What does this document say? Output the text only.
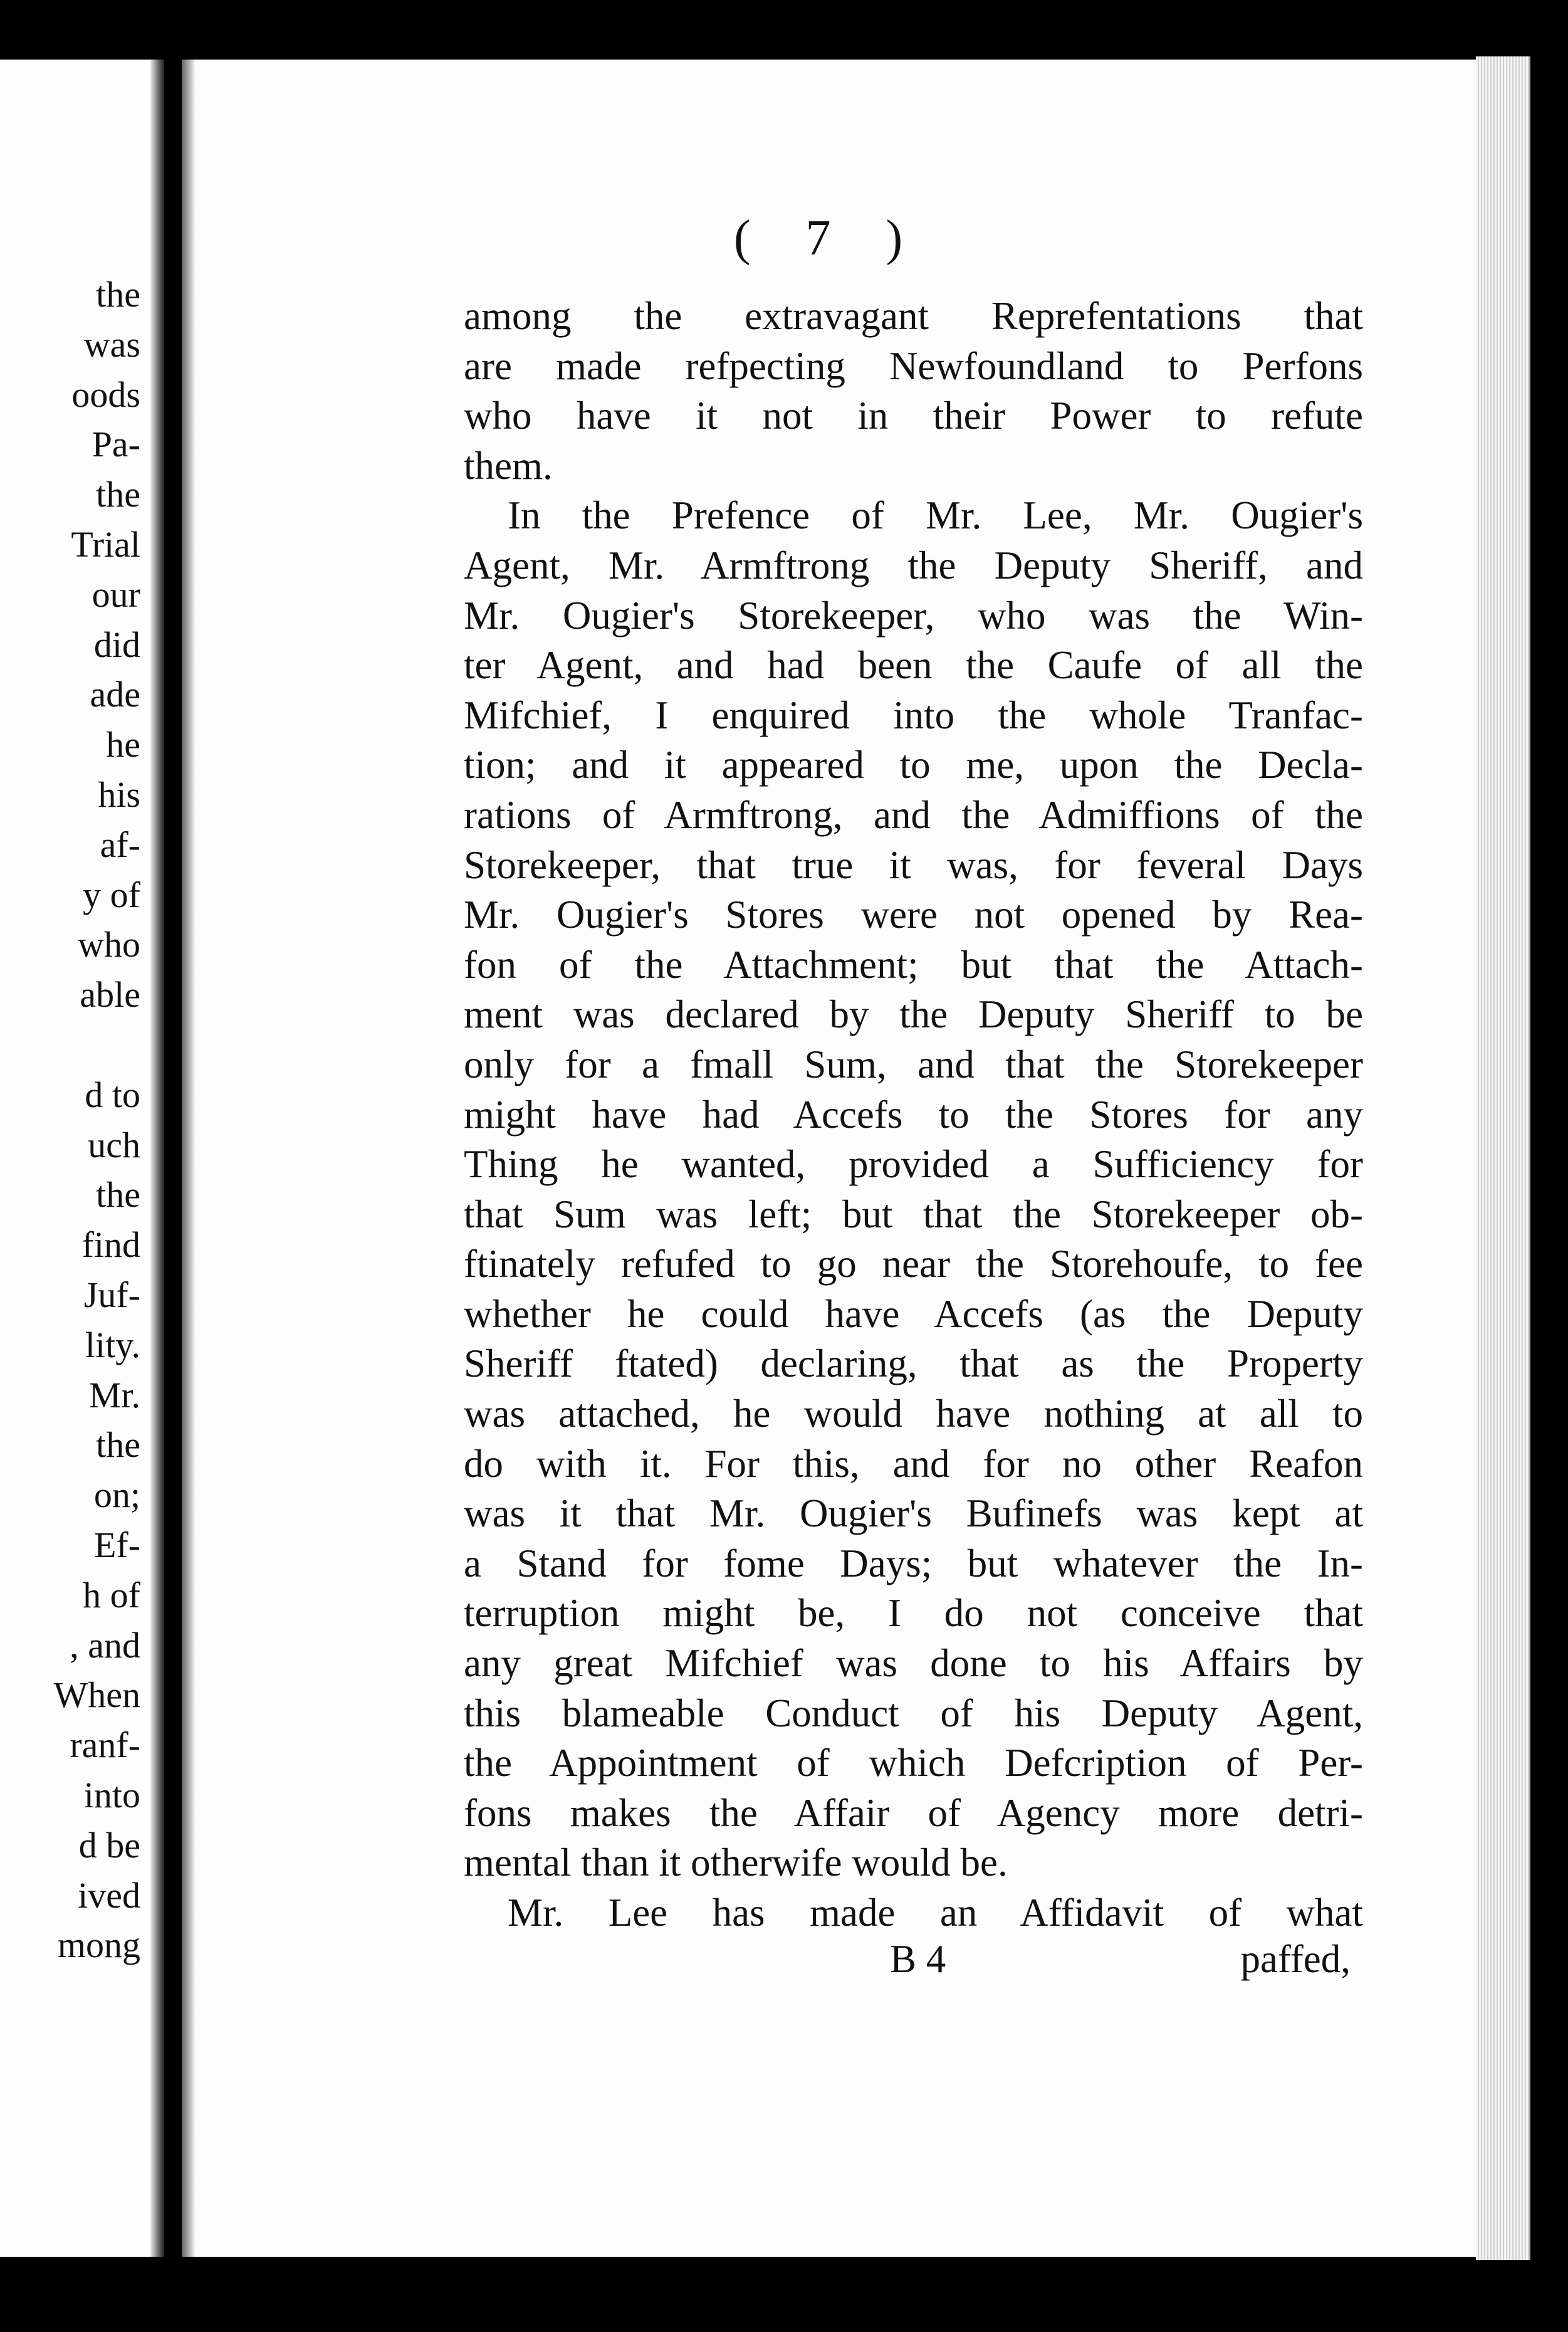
the
was
oods
Pa-
the
Trial
our
did
ade
he
his
af-
y of
who
able
d to
uch
the
find
Juf-
lity.
Mr.
the
on;
Ef-
h of
, and
When
ranf-
into
d be
ived
mong
( 7 )
among the extravagant Reprefentations that
are made refpecting Newfoundland to Perfons
who have it not in their Power to refute
them.
In the Prefence of Mr. Lee, Mr. Ougier's
Agent, Mr. Armftrong the Deputy Sheriff, and
Mr. Ougier's Storekeeper, who was the Win-
ter Agent, and had been the Caufe of all the
Mifchief, I enquired into the whole Tranfac-
tion; and it appeared to me, upon the Decla-
rations of Armftrong, and the Admiffions of the
Storekeeper, that true it was, for feveral Days
Mr. Ougier's Stores were not opened by Rea-
fon of the Attachment; but that the Attach-
ment was declared by the Deputy Sheriff to be
only for a fmall Sum, and that the Storekeeper
might have had Accefs to the Stores for any
Thing he wanted, provided a Sufficiency for
that Sum was left; but that the Storekeeper ob-
ftinately refufed to go near the Storehoufe, to fee
whether he could have Accefs (as the Deputy
Sheriff ftated) declaring, that as the Property
was attached, he would have nothing at all to
do with it. For this, and for no other Reafon
was it that Mr. Ougier's Bufinefs was kept at
a Stand for fome Days; but whatever the In-
terruption might be, I do not conceive that
any great Mifchief was done to his Affairs by
this blameable Conduct of his Deputy Agent,
the Appointment of which Defcription of Per-
fons makes the Affair of Agency more detri-
mental than it otherwife would be.
Mr. Lee has made an Affidavit of what
B 4	paffed,
